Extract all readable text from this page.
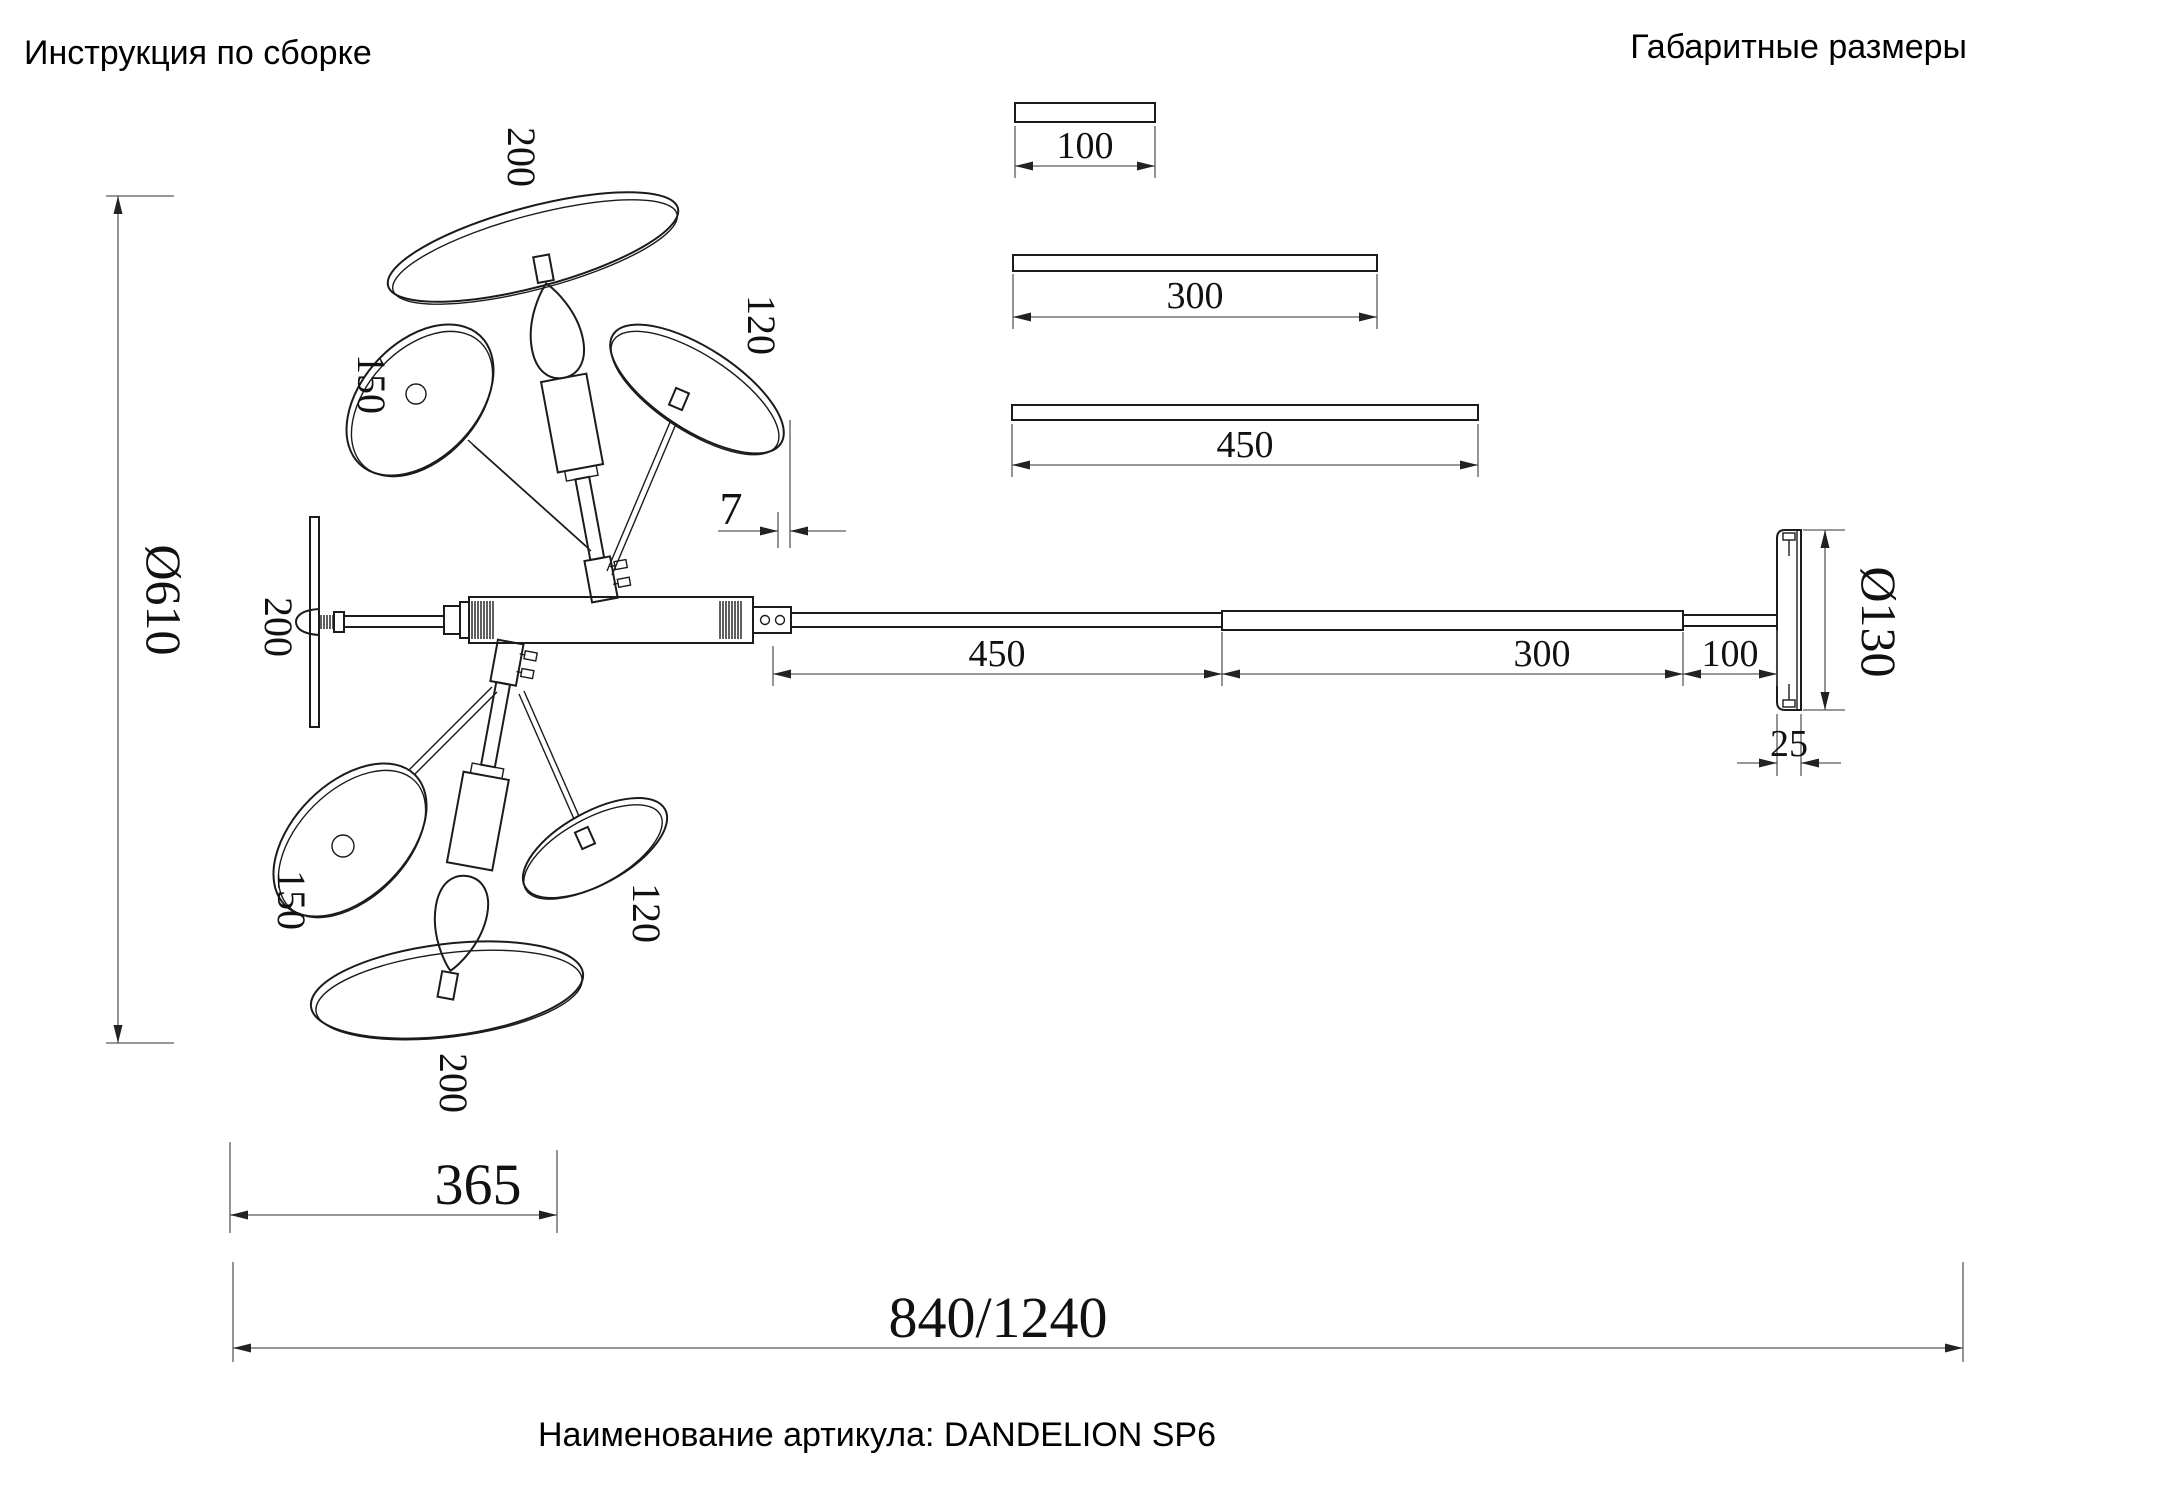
Инструкция по сборке	Габаритные размеры
Наименование артикула: DANDELION SP6
Ø610
100
300
450
450	300	100
7
Ø130
25
365
840/1240
200
150
120
200
150	120
200
